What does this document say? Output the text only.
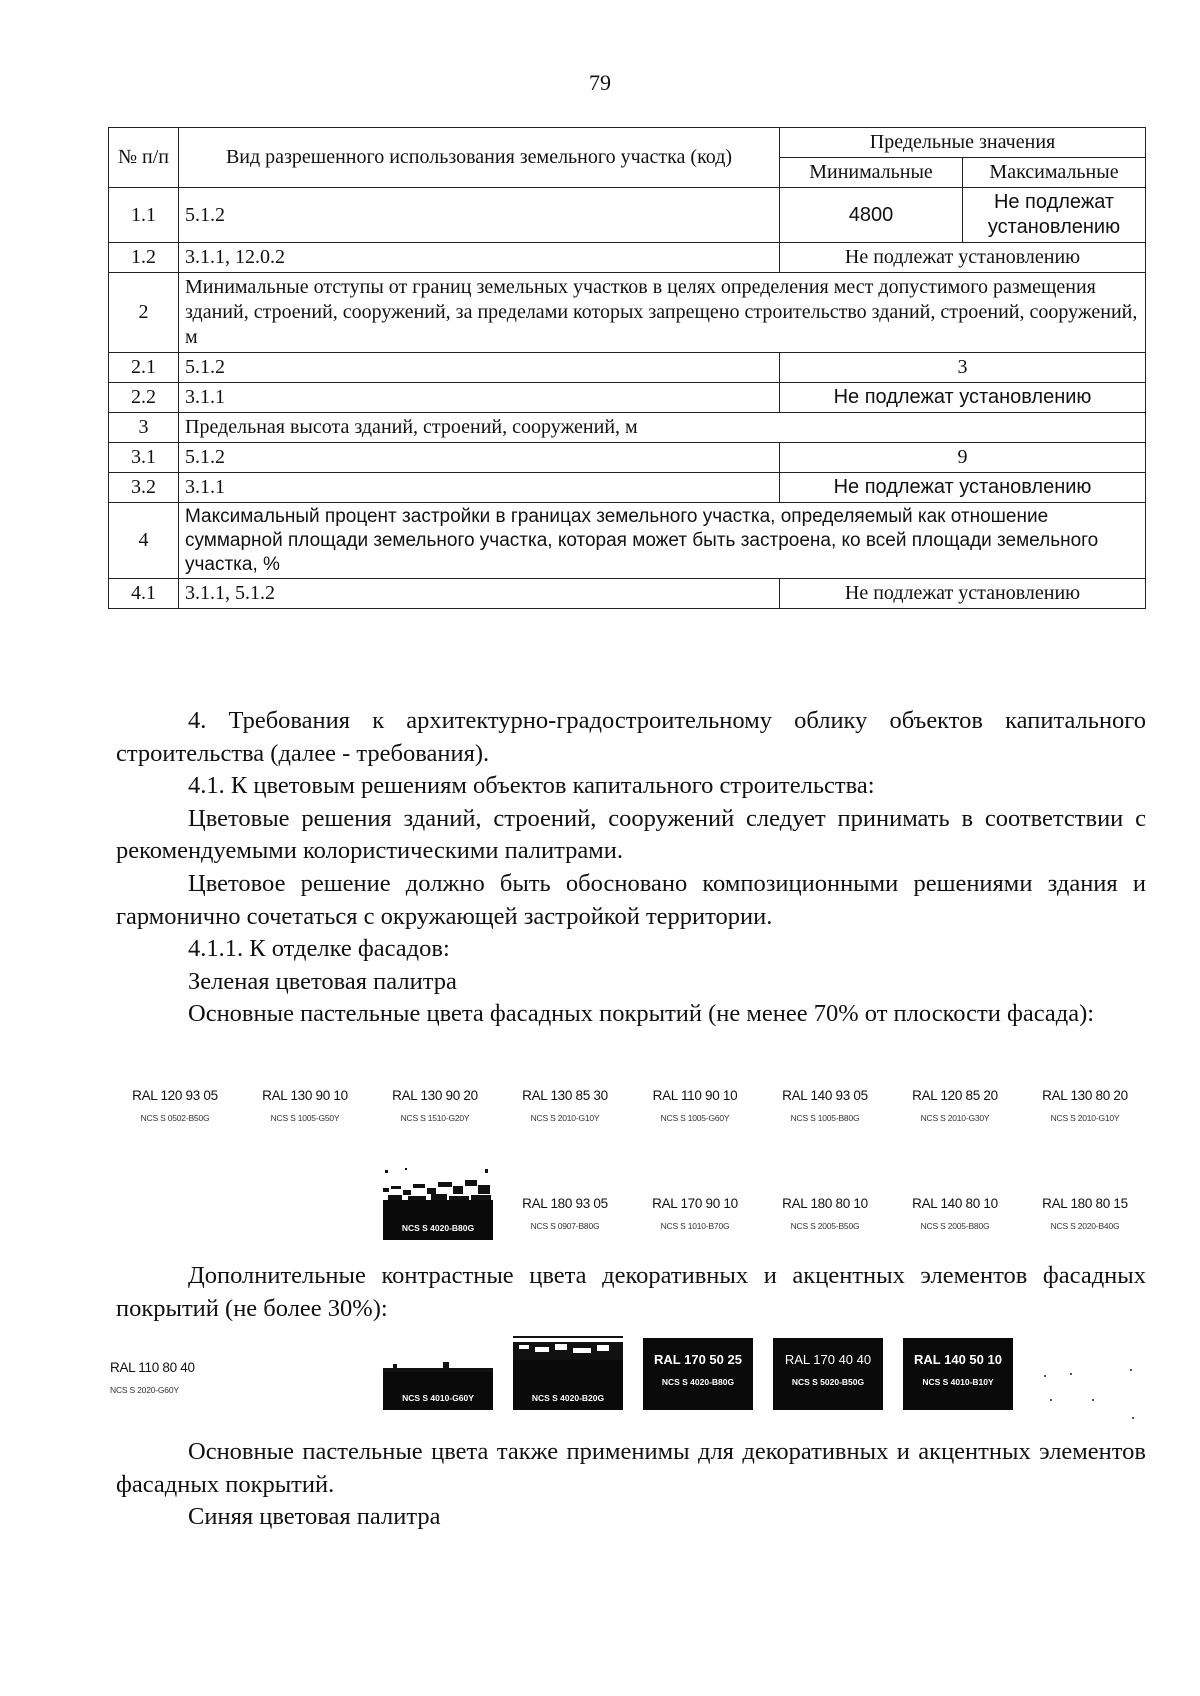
79
№ п/п	Вид разрешенного использования земельного участка (код)	Предельные значения	
		Минимальные	Максимальные
1.1	5.1.2	4800	Не подлежат установлению
1.2	3.1.1, 12.0.2	Не подлежат установлению	
2	Минимальные отступы от границ земельных участков в целях определения мест допустимого размещения зданий, строений, сооружений, за пределами которых запрещено строительство зданий, строений, сооружений, м		
2.1	5.1.2	3	
2.2	3.1.1	Не подлежат установлению	
3	Предельная высота зданий, строений, сооружений, м		
3.1	5.1.2	9	
3.2	3.1.1	Не подлежат установлению	
4	Максимальный процент застройки в границах земельного участка, определяемый как отношение суммарной площади земельного участка, которая может быть застроена, ко всей площади земельного участка, %		
4.1	3.1.1, 5.1.2	Не подлежат установлению	

4. Требования к архитектурно-градостроительному облику объектов капитального строительства (далее - требования).

4.1. К цветовым решениям объектов капитального строительства:

Цветовые решения зданий, строений, сооружений следует принимать в соответствии с рекомендуемыми колористическими палитрами.

Цветовое решение должно быть обосновано композиционными решениями здания и гармонично сочетаться с окружающей застройкой территории.

4.1.1. К отделке фасадов:

Зеленая цветовая палитра

Основные пастельные цвета фасадных покрытий (не менее 70% от плоскости фасада):

RAL 120 93 05
NCS S 0502-B50G
RAL 130 90 10
NCS S 1005-G50Y
RAL 130 90 20
NCS S 1510-G20Y
RAL 130 85 30
NCS S 2010-G10Y
RAL 110 90 10
NCS S 1005-G60Y
RAL 140 93 05
NCS S 1005-B80G
RAL 120 85 20
NCS S 2010-G30Y
RAL 130 80 20
NCS S 2010-G10Y
NCS S 4020-B80G
RAL 180 93 05
NCS S 0907-B80G
RAL 170 90 10
NCS S 1010-B70G
RAL 180 80 10
NCS S 2005-B50G
RAL 140 80 10
NCS S 2005-B80G
RAL 180 80 15
NCS S 2020-B40G

Дополнительные контрастные цвета декоративных и акцентных элементов фасадных покрытий (не более 30%):

RAL 110 80 40
NCS S 2020-G60Y
NCS S 4010-G60Y	NCS S 4020-B20G
RAL 170 50 25
NCS S 4020-B80G
RAL 170 40 40
NCS S 5020-B50G
RAL 140 50 10
NCS S 4010-B10Y

Основные пастельные цвета также применимы для декоративных и акцентных элементов фасадных покрытий.

Синяя цветовая палитра
